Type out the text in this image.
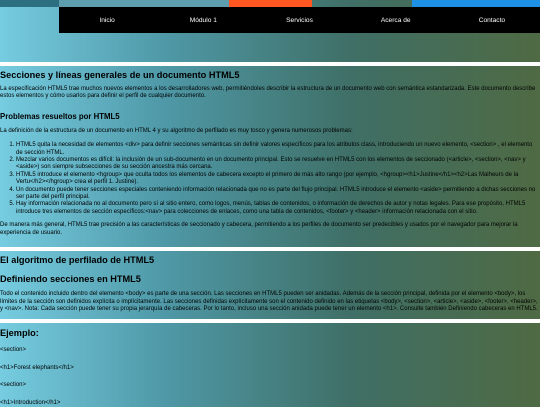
Inicio	Módulo 1	Servicios	Acerca de	Contacto
Secciones y líneas generales de un documento HTML5

La especificación HTML5 trae muchos nuevos elementos a los desarrolladores web, permitiéndoles describir la estructura de un documento web con semántica estandarizada. Este documento describe estos elementos y cómo usarlos para definir el perfil de cualquier documento.

Problemas resueltos por HTML5

La definición de la estructura de un documento en HTML 4 y su algoritmo de perfilado es muy tosco y genera numerosos problemas:

1. HTML5 quita la necesidad de elementos <div> para definir secciones semánticas sin definir valores específicos para los atributos class, introduciendo un nuevo elemento, <section> , el elemento de sección HTML.
2. Mezclar varios documentos es difícil: la inclusión de un sub-documento en un documento principal. Esto se resuelve en HTML5 con los elementos de seccionado (<article>, <section>, <nav> y <aside>) son siempre subsecciones de su sección ancestra más cercana.
3. HTML5 introduce el elemento <hgroup> que oculta todos los elementos de cabecera excepto el primero de más alto rango (por ejemplo, <hgroup><h1>Justine</h1><h2>Las Malheurs de la Vertu</h2></hgroup> crea el perfil 1. Justine).
4. Un documento puede tener secciones especiales conteniendo información relacionada que no es parte del flujo principal. HTML5 introduce el elemento <aside> permitiendo a dichas secciones no ser parte del perfil principal.
5. Hay información relacionada no al documento pero sí al sitio entero, como logos, menús, tablas de contenidos, o información de derechos de autor y notas legales. Para ese propósito, HTML5 introduce tres elementos de sección específicos:<nav> para colecciones de enlaces, como una tabla de contenidos, <footer> y <header> información relacionada con el sitio.

De manera más general, HTML5 trae precisión a las características de seccionado y cabecera, permitiendo a los perfiles de documento ser predecibles y usados por el navegador para mejorar la experiencia de usuario.

El algoritmo de perfilado de HTML5
Definiendo secciones en HTML5

Todo el contenido incluido dentro del elemento <body> es parte de una sección. Las secciones en HTML5 pueden ser anidadas. Además de la sección principal, definida por el elemento <body>, los límites de la sección son definidos explícita o implícitamente. Las secciones definidas explícitamente son el contenido definido en las etiquetas <body>, <section>, <article>, <aside>, <footer>, <header>, y <nav>. Nota: Cada sección puede tener su propia jerarquía de cabeceras. Por lo tanto, incluso una sección anidada puede tener un elemento <h1>. Consulte también Definiendo cabeceras en HTML5.

Ejemplo:
<section>
<h1>Forest elephants</h1>
<section>
<h1>Introduction</h1>
